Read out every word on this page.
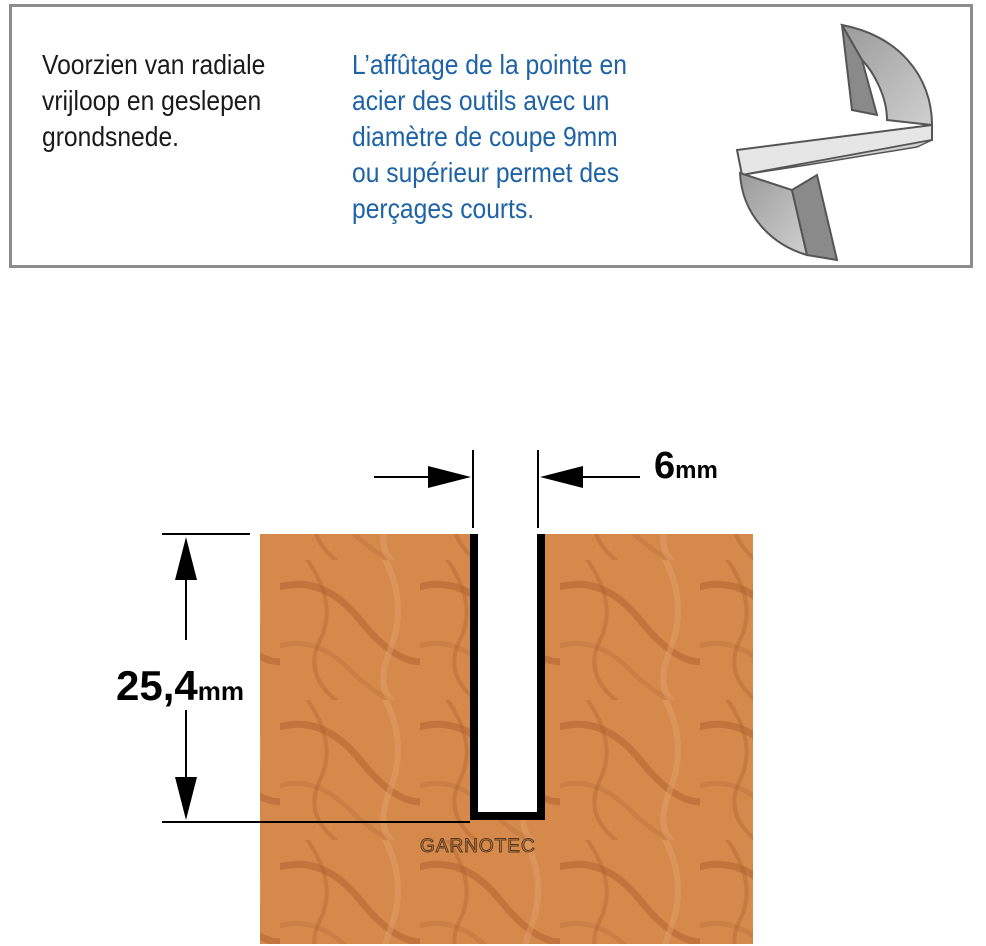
Voorzien van radiale
vrijloop en geslepen
grondsnede.

L’affûtage de la pointe en
acier des outils avec un
diamètre de coupe 9mm
ou supérieur permet des
perçages courts.

6mm
25,4mm
GARNOTEC
